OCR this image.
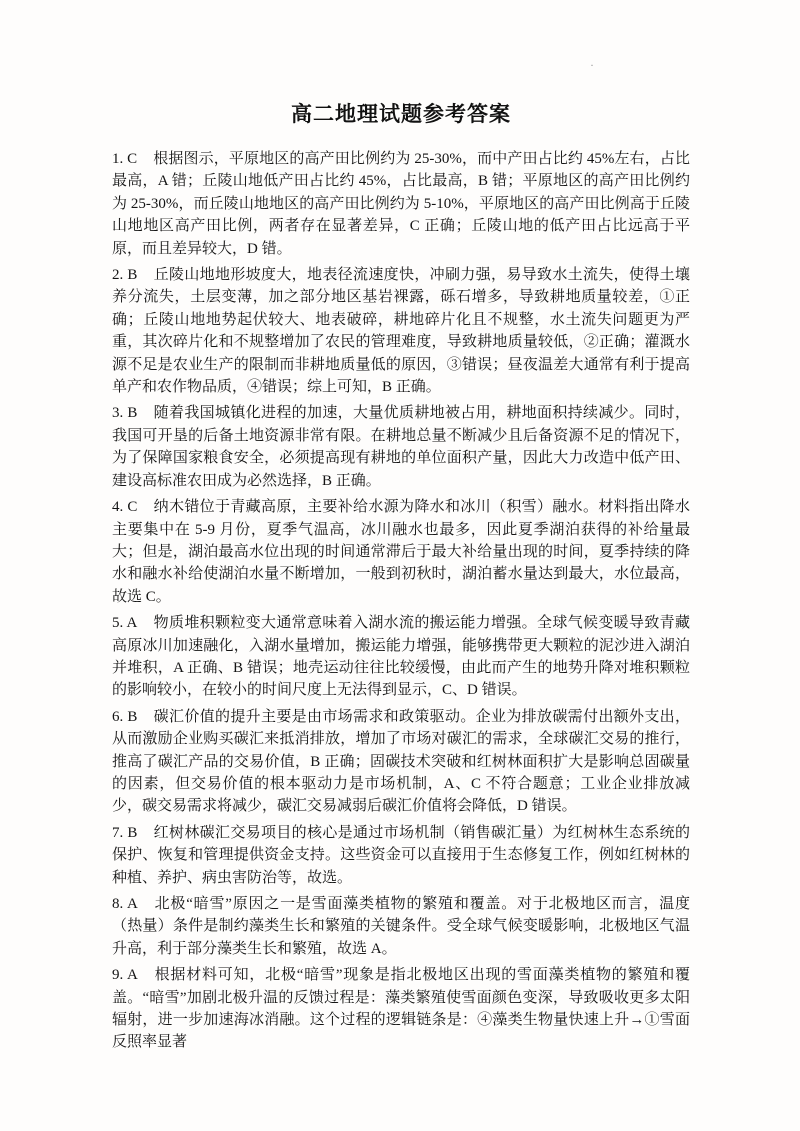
·
高二地理试题参考答案

1. C 根据图示，平原地区的高产田比例约为 25-30%，而中产田占比约 45%左右，占比最高，A 错；丘陵山地低产田占比约 45%，占比最高，B 错；平原地区的高产田比例约为 25-30%，而丘陵山地地区的高产田比例约为 5-10%，平原地区的高产田比例高于丘陵山地地区高产田比例，两者存在显著差异，C 正确；丘陵山地的低产田占比远高于平原，而且差异较大，D 错。

2. B 丘陵山地地形坡度大，地表径流速度快，冲刷力强，易导致水土流失，使得土壤养分流失，土层变薄，加之部分地区基岩裸露，砾石增多，导致耕地质量较差，①正确；丘陵山地地势起伏较大、地表破碎，耕地碎片化且不规整，水土流失问题更为严重，其次碎片化和不规整增加了农民的管理难度，导致耕地质量较低，②正确；灌溉水源不足是农业生产的限制而非耕地质量低的原因，③错误；昼夜温差大通常有利于提高单产和农作物品质，④错误；综上可知，B 正确。

3. B 随着我国城镇化进程的加速，大量优质耕地被占用，耕地面积持续减少。同时，我国可开垦的后备土地资源非常有限。在耕地总量不断减少且后备资源不足的情况下，为了保障国家粮食安全，必须提高现有耕地的单位面积产量，因此大力改造中低产田、建设高标准农田成为必然选择，B 正确。

4. C 纳木错位于青藏高原，主要补给水源为降水和冰川（积雪）融水。材料指出降水主要集中在 5-9 月份，夏季气温高，冰川融水也最多，因此夏季湖泊获得的补给量最大；但是，湖泊最高水位出现的时间通常滞后于最大补给量出现的时间，夏季持续的降水和融水补给使湖泊水量不断增加，一般到初秋时，湖泊蓄水量达到最大，水位最高，故选 C。

5. A 物质堆积颗粒变大通常意味着入湖水流的搬运能力增强。全球气候变暖导致青藏高原冰川加速融化，入湖水量增加，搬运能力增强，能够携带更大颗粒的泥沙进入湖泊并堆积，A 正确、B 错误；地壳运动往往比较缓慢，由此而产生的地势升降对堆积颗粒的影响较小，在较小的时间尺度上无法得到显示，C、D 错误。

6. B 碳汇价值的提升主要是由市场需求和政策驱动。企业为排放碳需付出额外支出，从而激励企业购买碳汇来抵消排放，增加了市场对碳汇的需求，全球碳汇交易的推行，推高了碳汇产品的交易价值，B 正确；固碳技术突破和红树林面积扩大是影响总固碳量的因素，但交易价值的根本驱动力是市场机制，A、C 不符合题意；工业企业排放减少，碳交易需求将减少，碳汇交易减弱后碳汇价值将会降低，D 错误。

7. B 红树林碳汇交易项目的核心是通过市场机制（销售碳汇量）为红树林生态系统的保护、恢复和管理提供资金支持。这些资金可以直接用于生态修复工作，例如红树林的种植、养护、病虫害防治等，故选。

8. A 北极“暗雪”原因之一是雪面藻类植物的繁殖和覆盖。对于北极地区而言，温度（热量）条件是制约藻类生长和繁殖的关键条件。受全球气候变暖影响，北极地区气温升高，利于部分藻类生长和繁殖，故选 A。

9. A 根据材料可知，北极“暗雪”现象是指北极地区出现的雪面藻类植物的繁殖和覆盖。“暗雪”加剧北极升温的反馈过程是：藻类繁殖使雪面颜色变深，导致吸收更多太阳辐射，进一步加速海冰消融。这个过程的逻辑链条是：④藻类生物量快速上升→①雪面反照率显著
